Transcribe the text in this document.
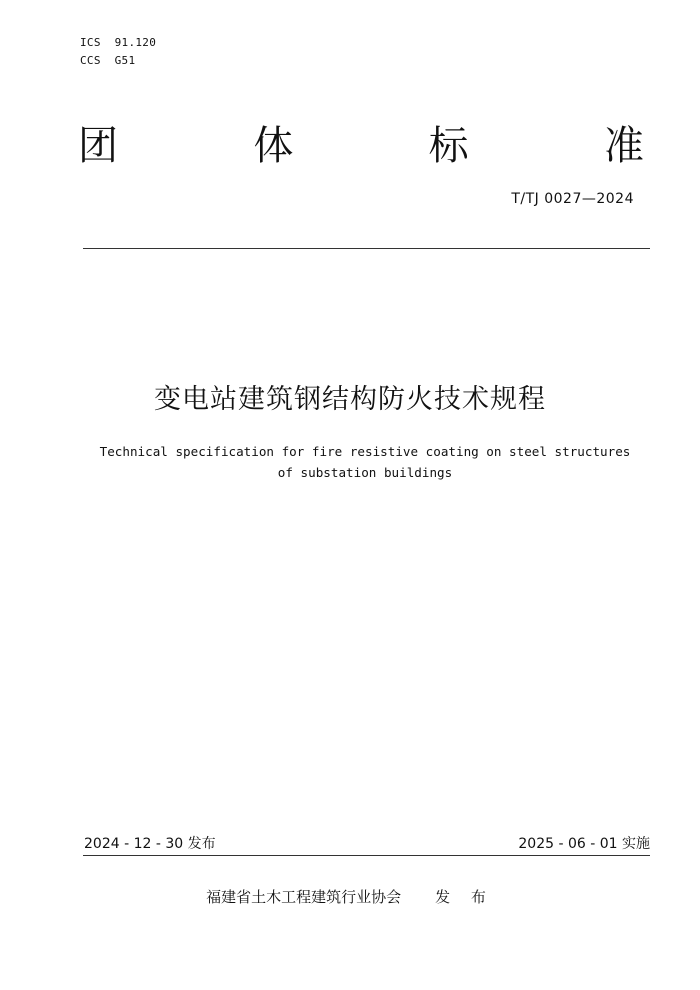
ICS  91.120
CCS  G51
团	体	标	准
T/TJ 0027—2024
变电站建筑钢结构防火技术规程
Technical specification for fire resistive coating on steel structures
of substation buildings
2024 - 12 - 30 发布	2025 - 06 - 01 实施
福建省土木工程建筑行业协会 发 布
